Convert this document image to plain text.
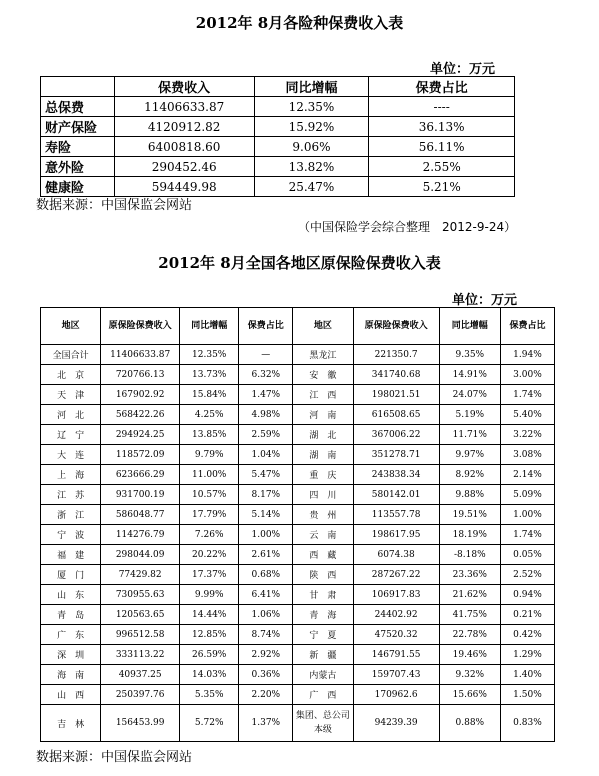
2012年 8月各险种保费收入表
单位：万元
	保费收入	同比增幅	保费占比
总保费	11406633.87	12.35%	----
财产保险	4120912.82	15.92%	36.13%
寿险	6400818.60	9.06%	56.11%
意外险	290452.46	13.82%	2.55%
健康险	594449.98	25.47%	5.21%
数据来源：中国保监会网站
（中国保险学会综合整理　2012-9-24）
2012年 8月全国各地区原保险保费收入表
单位：万元
地区	原保险保费收入	同比增幅	保费占比	地区	原保险保费收入	同比增幅	保费占比
全国合计	11406633.87	12.35%	—	黑龙江	221350.7	9.35%	1.94%
北　京	720766.13	13.73%	6.32%	安　徽	341740.68	14.91%	3.00%
天　津	167902.92	15.84%	1.47%	江　西	198021.51	24.07%	1.74%
河　北	568422.26	4.25%	4.98%	河　南	616508.65	5.19%	5.40%
辽　宁	294924.25	13.85%	2.59%	湖　北	367006.22	11.71%	3.22%
大　连	118572.09	9.79%	1.04%	湖　南	351278.71	9.97%	3.08%
上　海	623666.29	11.00%	5.47%	重　庆	243838.34	8.92%	2.14%
江　苏	931700.19	10.57%	8.17%	四　川	580142.01	9.88%	5.09%
浙　江	586048.77	17.79%	5.14%	贵　州	113557.78	19.51%	1.00%
宁　波	114276.79	7.26%	1.00%	云　南	198617.95	18.19%	1.74%
福　建	298044.09	20.22%	2.61%	西　藏	6074.38	-8.18%	0.05%
厦　门	77429.82	17.37%	0.68%	陕　西	287267.22	23.36%	2.52%
山　东	730955.63	9.99%	6.41%	甘　肃	106917.83	21.62%	0.94%
青　岛	120563.65	14.44%	1.06%	青　海	24402.92	41.75%	0.21%
广　东	996512.58	12.85%	8.74%	宁　夏	47520.32	22.78%	0.42%
深　圳	333113.22	26.59%	2.92%	新　疆	146791.55	19.46%	1.29%
海　南	40937.25	14.03%	0.36%	内蒙古	159707.43	9.32%	1.40%
山　西	250397.76	5.35%	2.20%	广　西	170962.6	15.66%	1.50%
吉　林	156453.99	5.72%	1.37%	集团、总公司本级	94239.39	0.88%	0.83%
数据来源：中国保监会网站
